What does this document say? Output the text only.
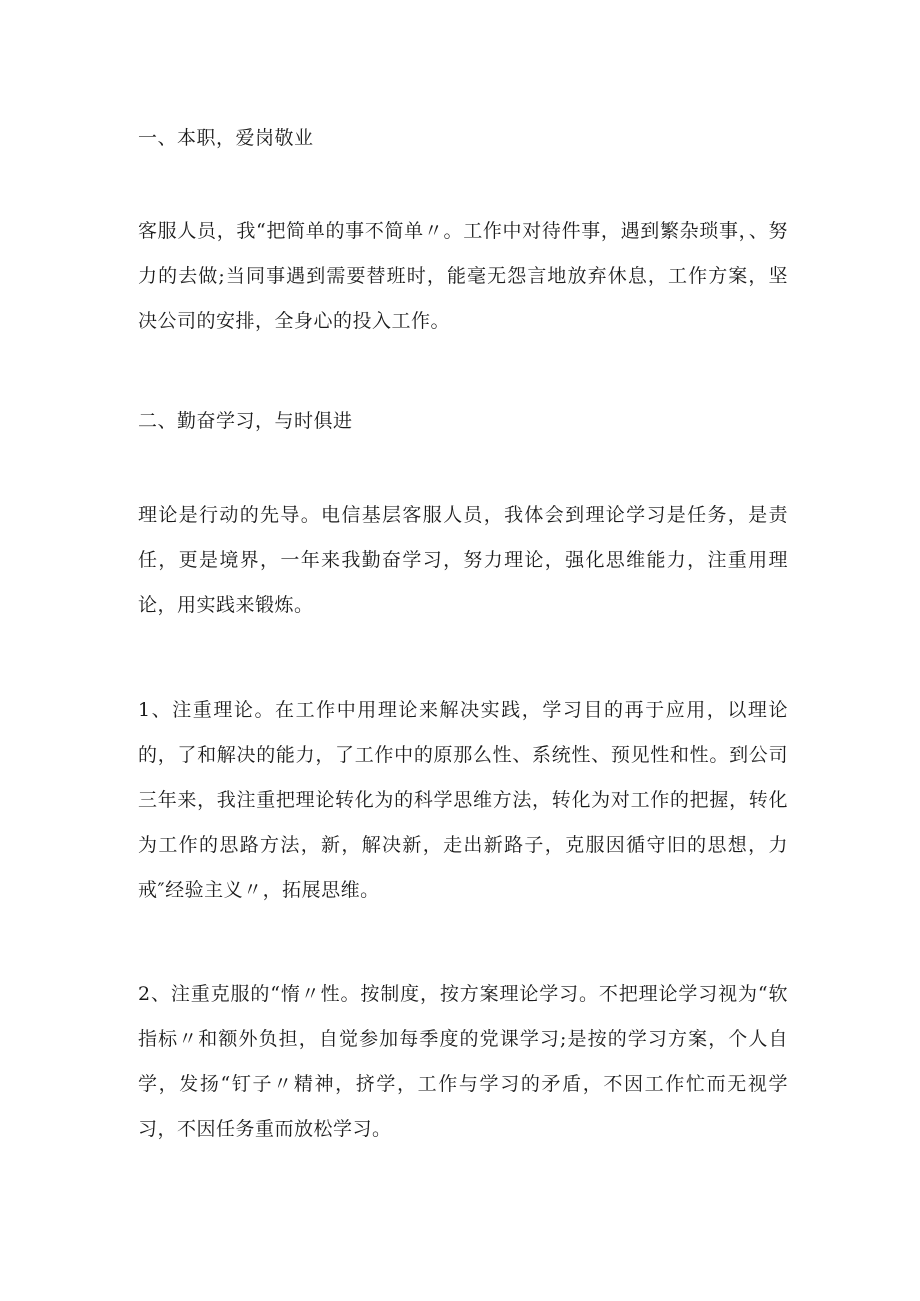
一、本职，爱岗敬业

客服人员，我“把简单的事不简单〃。工作中对待件事，遇到繁杂琐事，、努力的去做;当同事遇到需要替班时，能毫无怨言地放弃休息，工作方案，坚决公司的安排，全身心的投入工作。

二、勤奋学习，与时俱进

理论是行动的先导。电信基层客服人员，我体会到理论学习是任务，是责任，更是境界，一年来我勤奋学习，努力理论，强化思维能力，注重用理论，用实践来锻炼。

1、注重理论。在工作中用理论来解决实践，学习目的再于应用，以理论的，了和解决的能力，了工作中的原那么性、系统性、预见性和性。到公司三年来，我注重把理论转化为的科学思维方法，转化为对工作的把握，转化为工作的思路方法，新，解决新，走出新路子，克服因循守旧的思想，力戒″经验主义〃，拓展思维。

2、注重克服的“惰〃性。按制度，按方案理论学习。不把理论学习视为“软指标〃和额外负担，自觉参加每季度的党课学习;是按的学习方案，个人自学，发扬“钉子〃精神，挤学，工作与学习的矛盾，不因工作忙而无视学习，不因任务重而放松学习。
